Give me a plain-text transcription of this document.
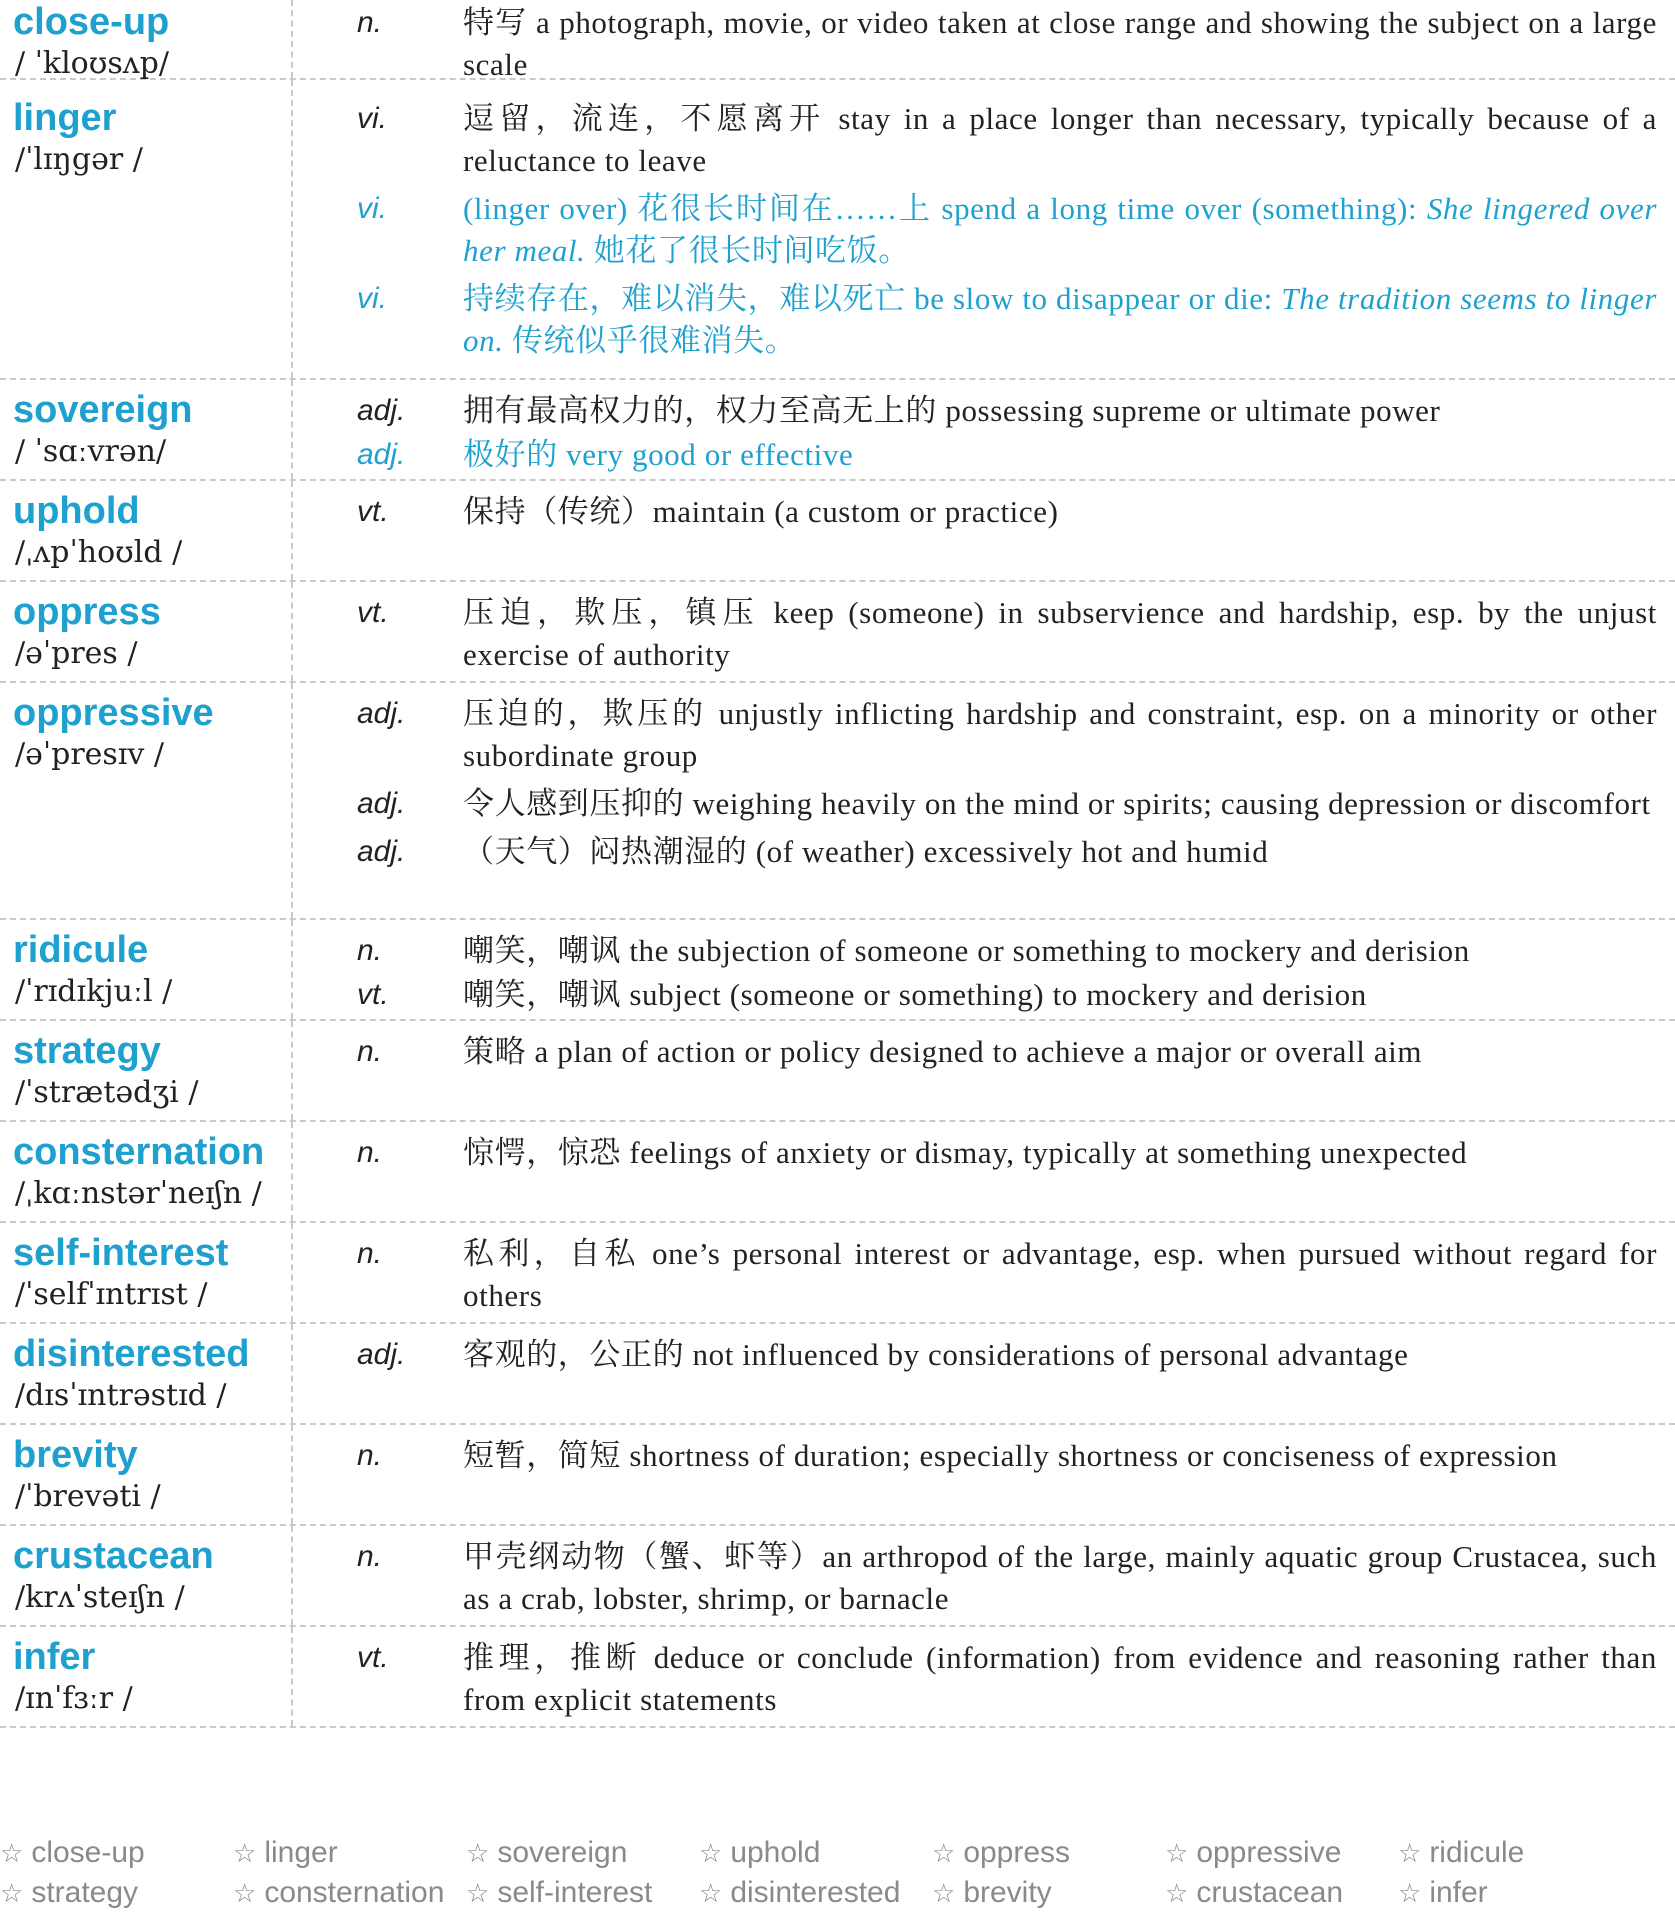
close-up
/ ˈkloʊsʌp/
n.	特写 a photograph, movie, or video taken at close range and showing the subject on a large scale
linger
/ˈlɪŋgər /
vi.	逗留，流连，不愿离开 stay in a place longer than necessary, typically because of a reluctance to leave
vi.	(linger over) 花很长时间在……上 spend a long time over (something): She lingered over her meal. 她花了很长时间吃饭。
vi.	持续存在，难以消失，难以死亡 be slow to disappear or die: The tradition seems to linger on. 传统似乎很难消失。
sovereign
/ ˈsɑːvrən/
adj.	拥有最高权力的，权力至高无上的 possessing supreme or ultimate power
adj.	极好的 very good or effective
uphold
/ˌʌpˈhoʊld /
vt.	保持（传统）maintain (a custom or practice)
oppress
/əˈpres /
vt.	压迫，欺压，镇压 keep (someone) in subservience and hardship, esp. by the unjust exercise of authority
oppressive
/əˈpresɪv /
adj.	压迫的，欺压的 unjustly inflicting hardship and constraint, esp. on a minority or other subordinate group
adj.	令人感到压抑的 weighing heavily on the mind or spirits; causing depression or discomfort
adj.	（天气）闷热潮湿的 (of weather) excessively hot and humid
ridicule
/ˈrɪdɪkjuːl /
n.	嘲笑，嘲讽 the subjection of someone or something to mockery and derision
vt.	嘲笑，嘲讽 subject (someone or something) to mockery and derision
strategy
/ˈstrætədʒi /
n.	策略 a plan of action or policy designed to achieve a major or overall aim
consternation
/ˌkɑːnstərˈneɪʃn /
n.	惊愕，惊恐 feelings of anxiety or dismay, typically at something unexpected
self-interest
/ˈselfˈɪntrɪst /
n.	私利，自私 one’s personal interest or advantage, esp. when pursued without regard for others
disinterested
/dɪsˈɪntrəstɪd /
adj.	客观的，公正的 not influenced by considerations of personal advantage
brevity
/ˈbrevəti /
n.	短暂，简短 shortness of duration; especially shortness or conciseness of expression
crustacean
/krʌˈsteɪʃn /
n.	甲壳纲动物（蟹、虾等）an arthropod of the large, mainly aquatic group Crustacea, such as a crab, lobster, shrimp, or barnacle
infer
/ɪnˈfɜːr /
vt.	推理，推断 deduce or conclude (information) from evidence and reasoning rather than from explicit statements
☆ close-up	☆ linger	☆ sovereign	☆ uphold	☆ oppress	☆ oppressive	☆ ridicule
☆ strategy	☆ consternation ☆ self-interest	☆ disinterested	☆ brevity	☆ crustacean	☆ infer
